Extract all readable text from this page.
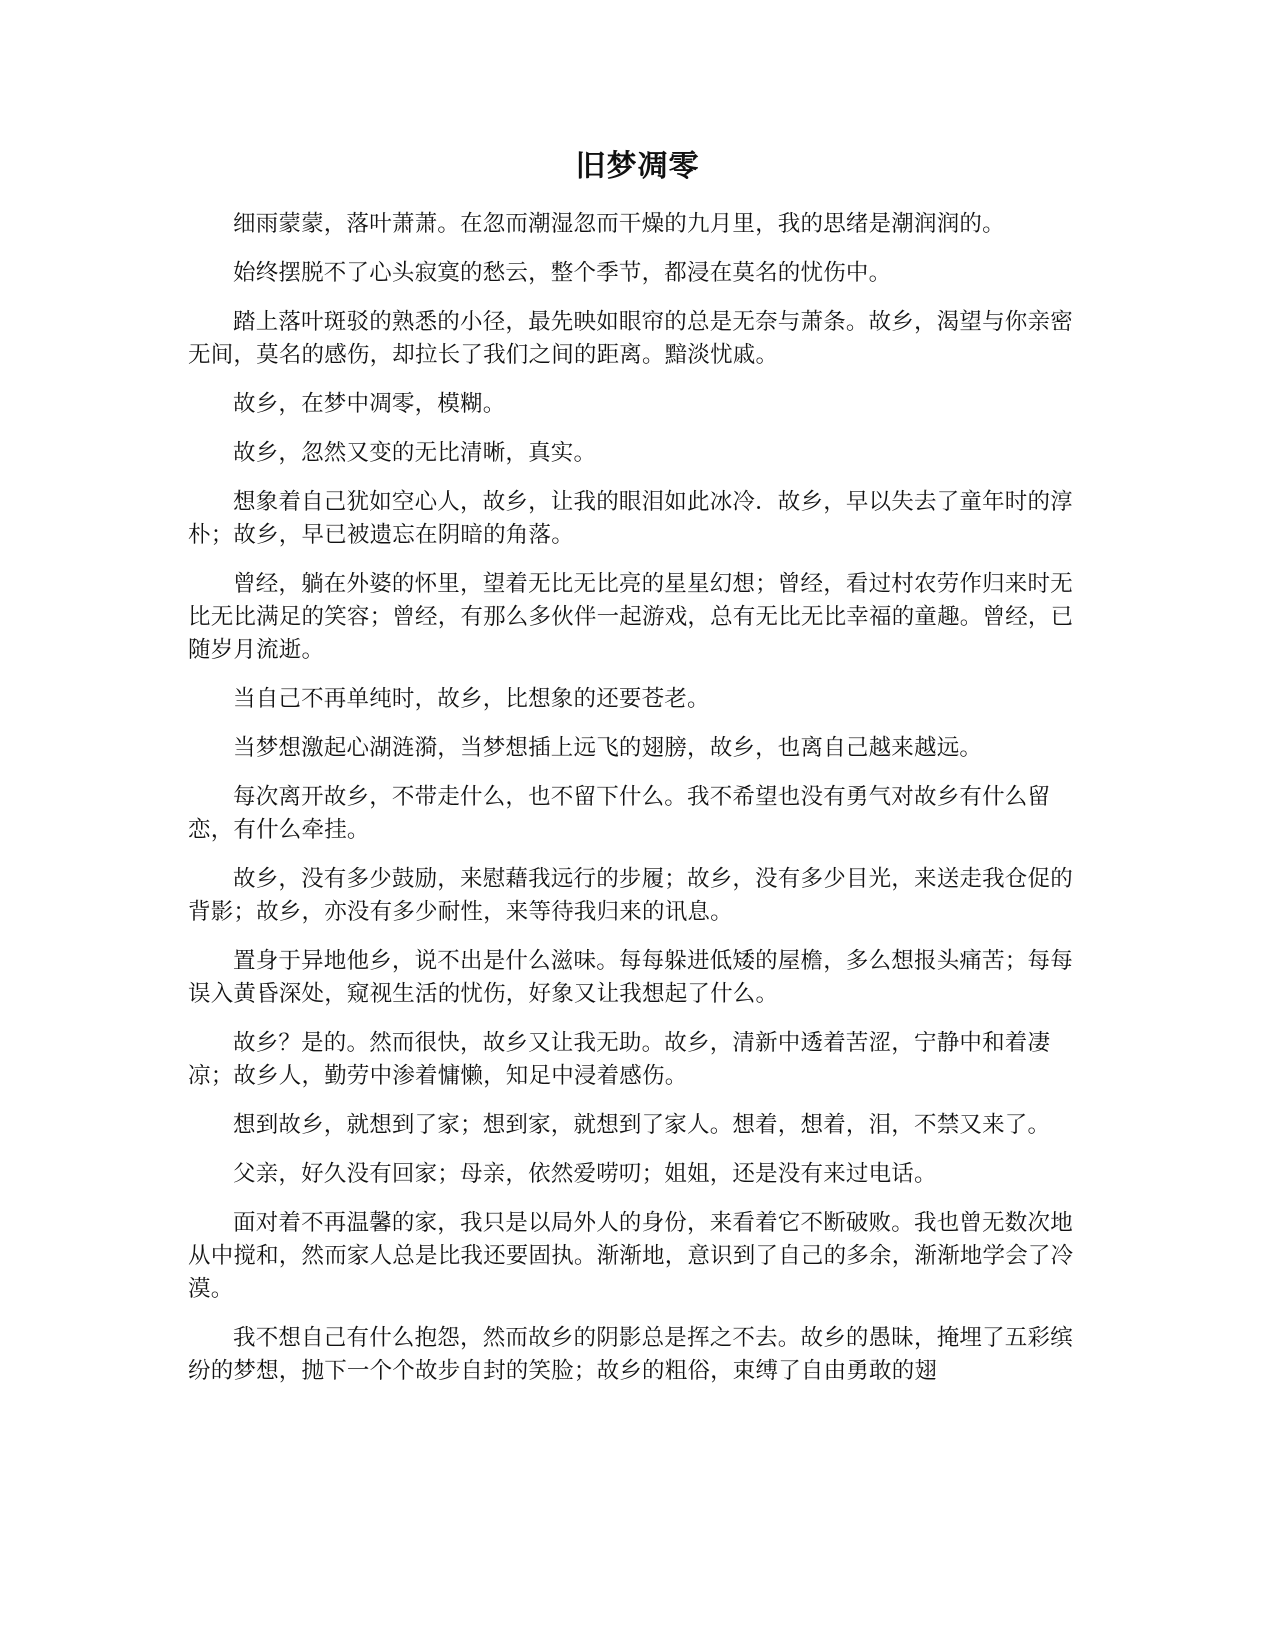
旧梦凋零

细雨蒙蒙，落叶萧萧。在忽而潮湿忽而干燥的九月里，我的思绪是潮润润的。

始终摆脱不了心头寂寞的愁云，整个季节，都浸在莫名的忧伤中。

踏上落叶斑驳的熟悉的小径，最先映如眼帘的总是无奈与萧条。故乡，渴望与你亲密无间，莫名的感伤，却拉长了我们之间的距离。黯淡忧戚。

故乡，在梦中凋零，模糊。

故乡，忽然又变的无比清晰，真实。

想象着自己犹如空心人，故乡，让我的眼泪如此冰冷．故乡，早以失去了童年时的淳朴；故乡，早已被遗忘在阴暗的角落。

曾经，躺在外婆的怀里，望着无比无比亮的星星幻想；曾经，看过村农劳作归来时无比无比满足的笑容；曾经，有那么多伙伴一起游戏，总有无比无比幸福的童趣。曾经，已随岁月流逝。

当自己不再单纯时，故乡，比想象的还要苍老。

当梦想激起心湖涟漪，当梦想插上远飞的翅膀，故乡，也离自己越来越远。

每次离开故乡，不带走什么，也不留下什么。我不希望也没有勇气对故乡有什么留恋，有什么牵挂。

故乡，没有多少鼓励，来慰藉我远行的步履；故乡，没有多少目光，来送走我仓促的背影；故乡，亦没有多少耐性，来等待我归来的讯息。

置身于异地他乡，说不出是什么滋味。每每躲进低矮的屋檐，多么想报头痛苦；每每误入黄昏深处，窥视生活的忧伤，好象又让我想起了什么。

故乡？是的。然而很快，故乡又让我无助。故乡，清新中透着苦涩，宁静中和着凄凉；故乡人，勤劳中渗着慵懒，知足中浸着感伤。

想到故乡，就想到了家；想到家，就想到了家人。想着，想着，泪，不禁又来了。

父亲，好久没有回家；母亲，依然爱唠叨；姐姐，还是没有来过电话。

面对着不再温馨的家，我只是以局外人的身份，来看着它不断破败。我也曾无数次地从中搅和，然而家人总是比我还要固执。渐渐地，意识到了自己的多余，渐渐地学会了冷漠。

我不想自己有什么抱怨，然而故乡的阴影总是挥之不去。故乡的愚昧，掩埋了五彩缤纷的梦想，抛下一个个故步自封的笑脸；故乡的粗俗，束缚了自由勇敢的翅
